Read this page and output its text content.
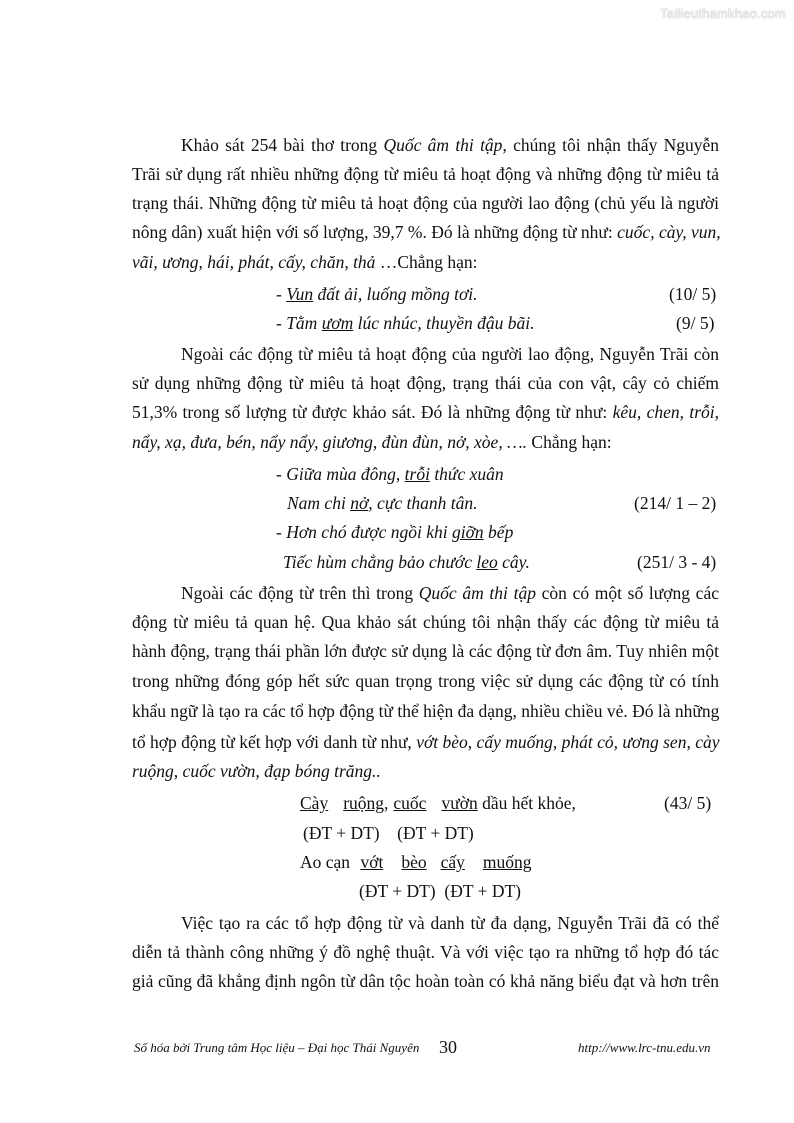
Tailieuthamkhao.com
Khảo sát 254 bài thơ trong Quốc âm thi tập, chúng tôi nhận thấy Nguyễn
Trãi sử dụng rất nhiều những động từ miêu tả hoạt động và những động từ miêu tả
trạng thái. Những động từ miêu tả hoạt động của người lao động (chủ yếu là người
nông dân) xuất hiện với số lượng, 39,7 %. Đó là những động từ như: cuốc, cày, vun,
vãi, ương, hái, phát, cấy, chăn, thả …Chẳng hạn:
- Vun đất ải, luống mồng tơi.	(10/ 5)
- Tằm ươm lúc nhúc, thuyền đậu bãi.	(9/ 5)
Ngoài các động từ miêu tả hoạt động của người lao động, Nguyễn Trãi còn
sử dụng những động từ miêu tả hoạt động, trạng thái của con vật, cây cỏ chiếm
51,3% trong số lượng từ được khảo sát. Đó là những động từ như: kêu, chen, trỗi,
nẩy, xạ, đưa, bén, nẩy nẩy, giương, đùn đùn, nở, xòe, …. Chẳng hạn:
- Giữa mùa đông, trỗi thức xuân
Nam chi nở, cực thanh tân.	(214/ 1 – 2)
- Hơn chó được ngồi khi giỡn bếp
Tiếc hùm chẳng bảo chước leo cây.	(251/ 3 - 4)
Ngoài các động từ trên thì trong Quốc âm thi tập còn có một số lượng các
động từ miêu tả quan hệ. Qua khảo sát chúng tôi nhận thấy các động từ miêu tả
hành động, trạng thái phần lớn được sử dụng là các động từ đơn âm. Tuy nhiên một
trong những đóng góp hết sức quan trọng trong việc sử dụng các động từ có tính
khẩu ngữ là tạo ra các tổ hợp động từ thể hiện đa dạng, nhiều chiều vẻ. Đó là những
tổ hợp động từ kết hợp với danh từ như, vớt bèo, cấy muống, phát cỏ, ương sen, cày
ruộng, cuốc vườn, đạp bóng trăng..
Cày ruộng, cuốc vườn dầu hết khỏe,	(43/ 5)
(ĐT + DT)    (ĐT + DT)
Ao cạn vớt bèo cấy muống
(ĐT + DT)  (ĐT + DT)
Việc tạo ra các tổ hợp động từ và danh từ đa dạng, Nguyễn Trãi đã có thể
diễn tả thành công những ý đồ nghệ thuật. Và với việc tạo ra những tổ hợp đó tác
giả cũng đã khẳng định ngôn từ dân tộc hoàn toàn có khả năng biểu đạt và hơn trên
Số hóa bởi Trung tâm Học liệu – Đại học Thái Nguyên 30	http://www.lrc-tnu.edu.vn
